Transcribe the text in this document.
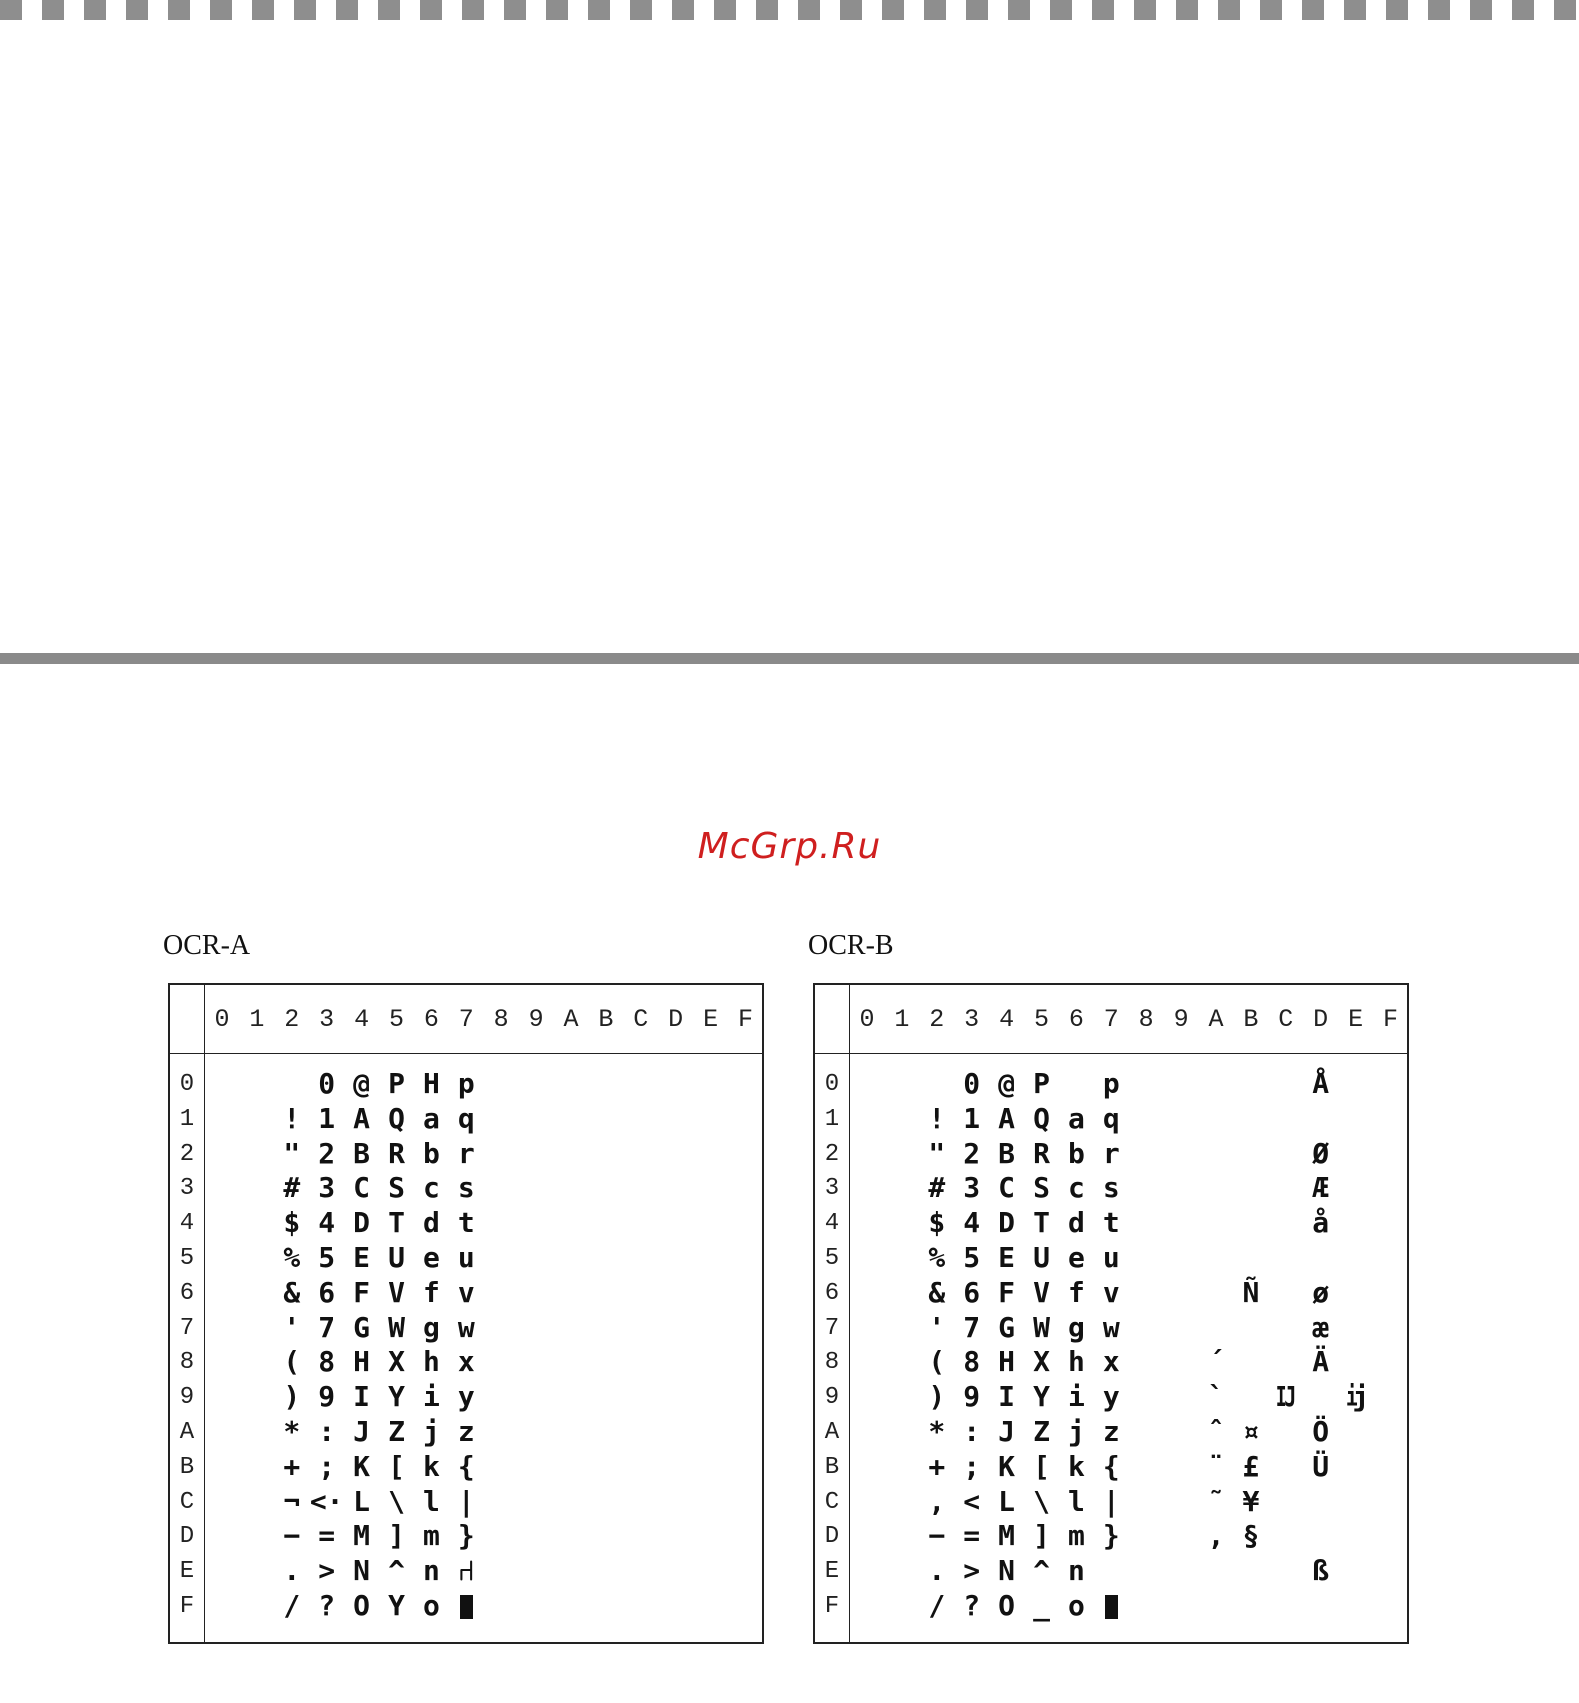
McGrp.Ru
OCR-A
0 1 2 3 4 5 6 7 8 9 A B C D E F
0
1
2
3
4
5
6
7
8
9
A
B
C
D
E
F
!
"
#
$
%
&
'
(
)
*
+
¬
−
.
/
0
1
2
3
4
5
6
7
8
9
:
;
<·
=
>
?
@
A
B
C
D
E
F
G
H
I
J
K
L
M
N
O
P
Q
R
S
T
U
V
W
X
Y
Z
[
\
]
^
Y
H
a
b
c
d
e
f
g
h
i
j
k
l
m
n
o
p
q
r
s
t
u
v
w
x
y
z
{
|
}
⑁
OCR-B
0 1 2 3 4 5 6 7 8 9 A B C D E F
0
1
2
3
4
5
6
7
8
9
A
B
C
D
E
F
!
"
#
$
%
&
'
(
)
*
+
,
−
.
/
0
1
2
3
4
5
6
7
8
9
:
;
<
=
>
?
@
A
B
C
D
E
F
G
H
I
J
K
L
M
N
O
P
Q
R
S
T
U
V
W
X
Y
Z
[
\
]
^
_
a
b
c
d
e
f
g
h
i
j
k
l
m
n
o
p
q
r
s
t
u
v
w
x
y
z
{
|
}
´
`
ˆ
¨
˜
,
Ñ
¤
£
¥
§
Ĳ
Å
Ø
Æ
å
ø
æ
Ä
Ö
Ü
ß
ĳ
